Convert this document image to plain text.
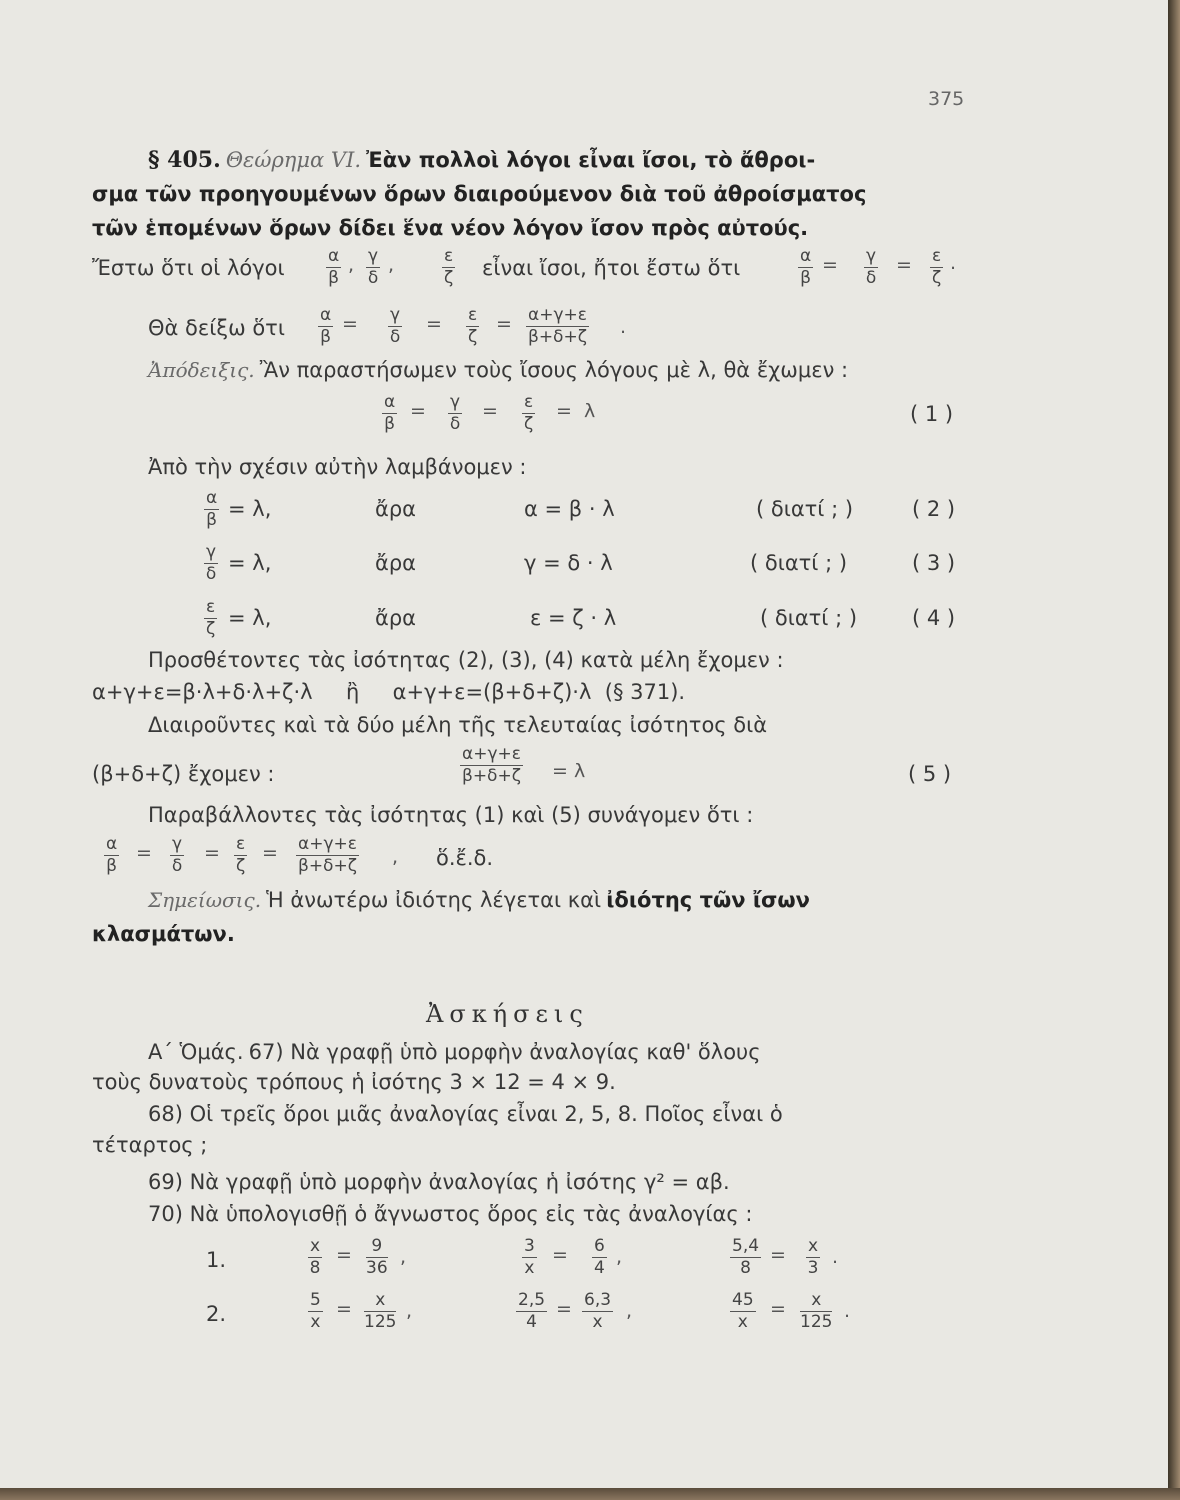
375
§ 405. Θεώρημα VI. Ἐὰν πολλοὶ λόγοι εἶναι ἴσοι, τὸ ἄθροι-
σμα τῶν προηγουμένων ὅρων διαιρούμενον διὰ τοῦ ἀθροίσματος
τῶν ἑπομένων ὅρων δίδει ἕνα νέον λόγον ἴσον πρὸς αὐτούς.
Ἔστω ὅτι οἱ λόγοι $\frac{\alpha}{\beta}$ , $\frac{\gamma}{\delta}$ ,	$\frac{\varepsilon}{\zeta}$ εἶναι ἴσοι, ἤτοι ἔστω ὅτι	$\frac{\alpha}{\beta} = \frac{\gamma}{\delta} = \frac{\varepsilon}{\zeta}$ .
Θὰ δείξω ὅτι $\frac{\alpha}{\beta} = \frac{\gamma}{\delta} = \frac{\varepsilon}{\zeta} = \frac{\alpha+\gamma+\varepsilon}{\beta+\delta+\zeta}$ .
Ἀπόδειξις. Ἂν παραστήσωμεν τοὺς ἴσους λόγους μὲ λ, θὰ ἔχωμεν :
$\frac{\alpha}{\beta} = \frac{\gamma}{\delta} = \frac{\varepsilon}{\zeta} = \lambda$	( 1 )
Ἀπὸ τὴν σχέσιν αὐτὴν λαμβάνομεν :
$\frac{\alpha}{\beta} = \lambda$,	ἄρα	α = β · λ	( διατί ; )	( 2 )
$\frac{\gamma}{\delta} = \lambda$,	ἄρα	γ = δ · λ	( διατί ; )	( 3 )
$\frac{\varepsilon}{\zeta} = \lambda$,	ἄρα	ε = ζ · λ	( διατί ; )	( 4 )
Προσθέτοντες τὰς ἰσότητας (2), (3), (4) κατὰ μέλη ἔχομεν :
α+γ+ε=β·λ+δ·λ+ζ·λ     ἢ     α+γ+ε=(β+δ+ζ)·λ  (§ 371).
Διαιροῦντες καὶ τὰ δύο μέλη τῆς τελευταίας ἰσότητος διὰ
(β+δ+ζ) ἔχομεν :	$\frac{\alpha+\gamma+\varepsilon}{\beta+\delta+\zeta} = \lambda$	( 5 )
Παραβάλλοντες τὰς ἰσότητας (1) καὶ (5) συνάγομεν ὅτι :
$\frac{\alpha}{\beta} = \frac{\gamma}{\delta} = \frac{\varepsilon}{\zeta} = \frac{\alpha+\gamma+\varepsilon}{\beta+\delta+\zeta}$ , ὅ.ἔ.δ.
Σημείωσις. Ἡ ἀνωτέρω ἰδιότης λέγεται καὶ ἰδιότης τῶν ἴσων
κλασμάτων.
Ἀσκήσεις
Α΄ Ὁμάς. 67) Νὰ γραφῇ ὑπὸ μορφὴν ἀναλογίας καθ' ὅλους
τοὺς δυνατοὺς τρόπους ἡ ἰσότης 3 × 12 = 4 × 9.
68) Οἱ τρεῖς ὅροι μιᾶς ἀναλογίας εἶναι 2, 5, 8. Ποῖος εἶναι ὁ
τέταρτος ;
69) Νὰ γραφῇ ὑπὸ μορφὴν ἀναλογίας ἡ ἰσότης γ² = αβ.
70) Νὰ ὑπολογισθῇ ὁ ἄγνωστος ὅρος εἰς τὰς ἀναλογίας :
1.	$\frac{x}{8} = \frac{9}{36}$ ,	$\frac{3}{x} = \frac{6}{4}$ ,	$\frac{5,4}{8} = \frac{x}{3}$ .
2.	$\frac{5}{x} = \frac{x}{125}$ ,	$\frac{2,5}{4} = \frac{6,3}{x}$ ,	$\frac{45}{x} = \frac{x}{125}$ .
